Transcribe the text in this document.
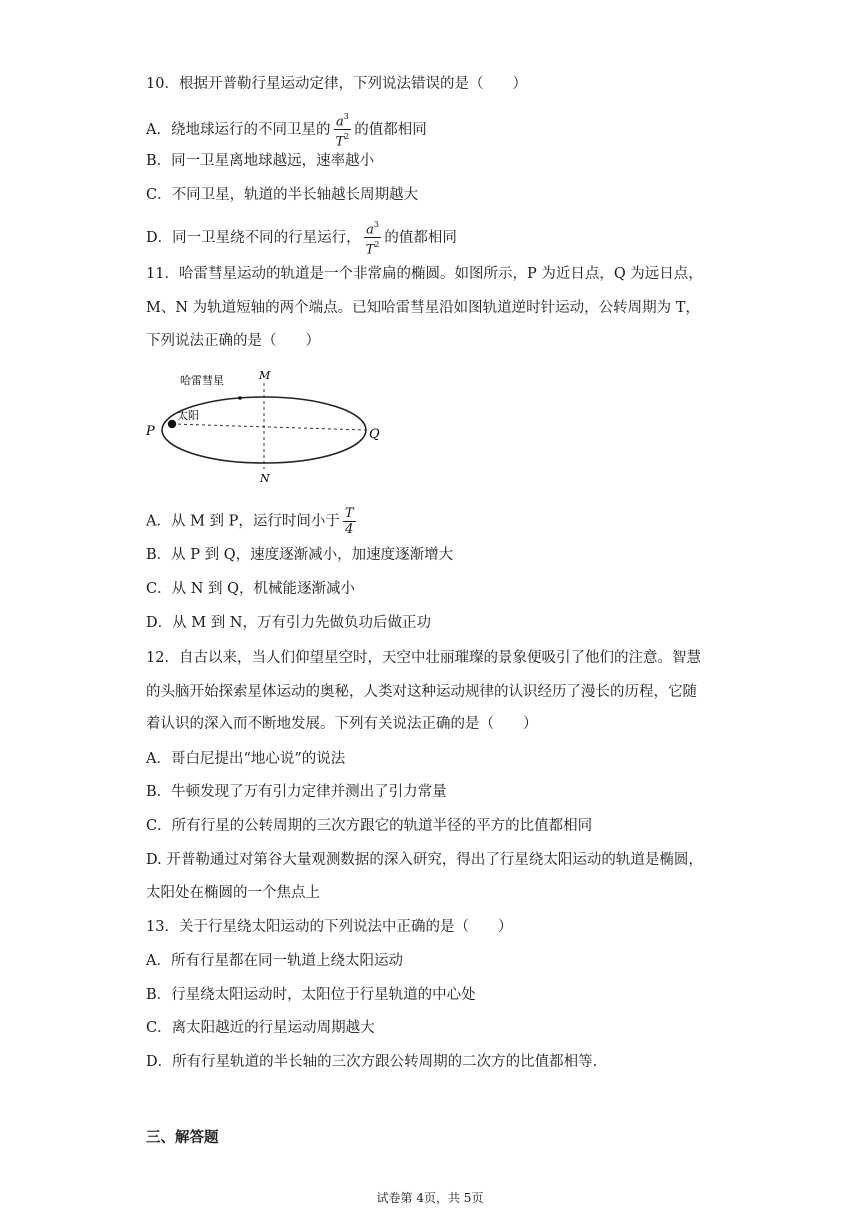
10．根据开普勒行星运动定律，下列说法错误的是（　　）
A．绕地球运行的不同卫星的 $\frac{a^3}{T^2}$ 的值都相同
B．同一卫星离地球越远，速率越小
C．不同卫星，轨道的半长轴越长周期越大
D．同一卫星绕不同的行星运行， $\frac{a^3}{T^2}$ 的值都相同
11．哈雷彗星运动的轨道是一个非常扁的椭圆。如图所示，P 为近日点，Q 为远日点，
M、N 为轨道短轴的两个端点。已知哈雷彗星沿如图轨道逆时针运动，公转周期为 T，
下列说法正确的是（　　）
哈雷彗星
太阳
P	Q
M
N
A．从 M 到 P，运行时间小于 $\frac{T}{4}$
B．从 P 到 Q，速度逐渐减小，加速度逐渐增大
C．从 N 到 Q，机械能逐渐减小
D．从 M 到 N，万有引力先做负功后做正功
12．自古以来，当人们仰望星空时，天空中壮丽璀璨的景象便吸引了他们的注意。智慧
的头脑开始探索星体运动的奥秘，人类对这种运动规律的认识经历了漫长的历程，它随
着认识的深入而不断地发展。下列有关说法正确的是（　　）
A．哥白尼提出“地心说”的说法
B．牛顿发现了万有引力定律并测出了引力常量
C．所有行星的公转周期的三次方跟它的轨道半径的平方的比值都相同
D. 开普勒通过对第谷大量观测数据的深入研究，得出了行星绕太阳运动的轨道是椭圆，
太阳处在椭圆的一个焦点上
13．关于行星绕太阳运动的下列说法中正确的是（　　）
A．所有行星都在同一轨道上绕太阳运动
B．行星绕太阳运动时，太阳位于行星轨道的中心处
C．离太阳越近的行星运动周期越大
D．所有行星轨道的半长轴的三次方跟公转周期的二次方的比值都相等.
三、解答题
试卷第 4页，共 5页
